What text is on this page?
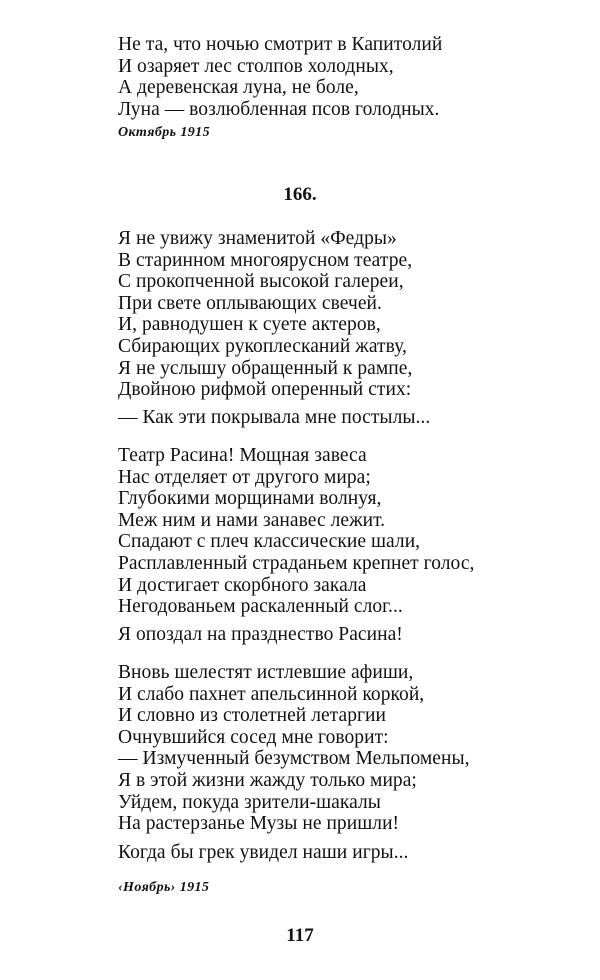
Не та, что ночью смотрит в Капитолий
И озаряет лес столпов холодных,
А деревенская луна, не боле,
Луна — возлюбленная псов голодных.
Октябрь 1915
166.
Я не увижу знаменитой «Федры»
В старинном многоярусном театре,
С прокопченной высокой галереи,
При свете оплывающих свечей.
И, равнодушен к суете актеров,
Сбирающих рукоплесканий жатву,
Я не услышу обращенный к рампе,
Двойною рифмой оперенный стих:
— Как эти покрывала мне постылы...
Театр Расина! Мощная завеса
Нас отделяет от другого мира;
Глубокими морщинами волнуя,
Меж ним и нами занавес лежит.
Спадают с плеч классические шали,
Расплавленный страданьем крепнет голос,
И достигает скорбного закала
Негодованьем раскаленный слог...
Я опоздал на празднество Расина!
Вновь шелестят истлевшие афиши,
И слабо пахнет апельсинной коркой,
И словно из столетней летаргии
Очнувшийся сосед мне говорит:
— Измученный безумством Мельпомены,
Я в этой жизни жажду только мира;
Уйдем, покуда зрители-шакалы
На растерзанье Музы не пришли!
Когда бы грек увидел наши игры...
‹Ноябрь› 1915
117
